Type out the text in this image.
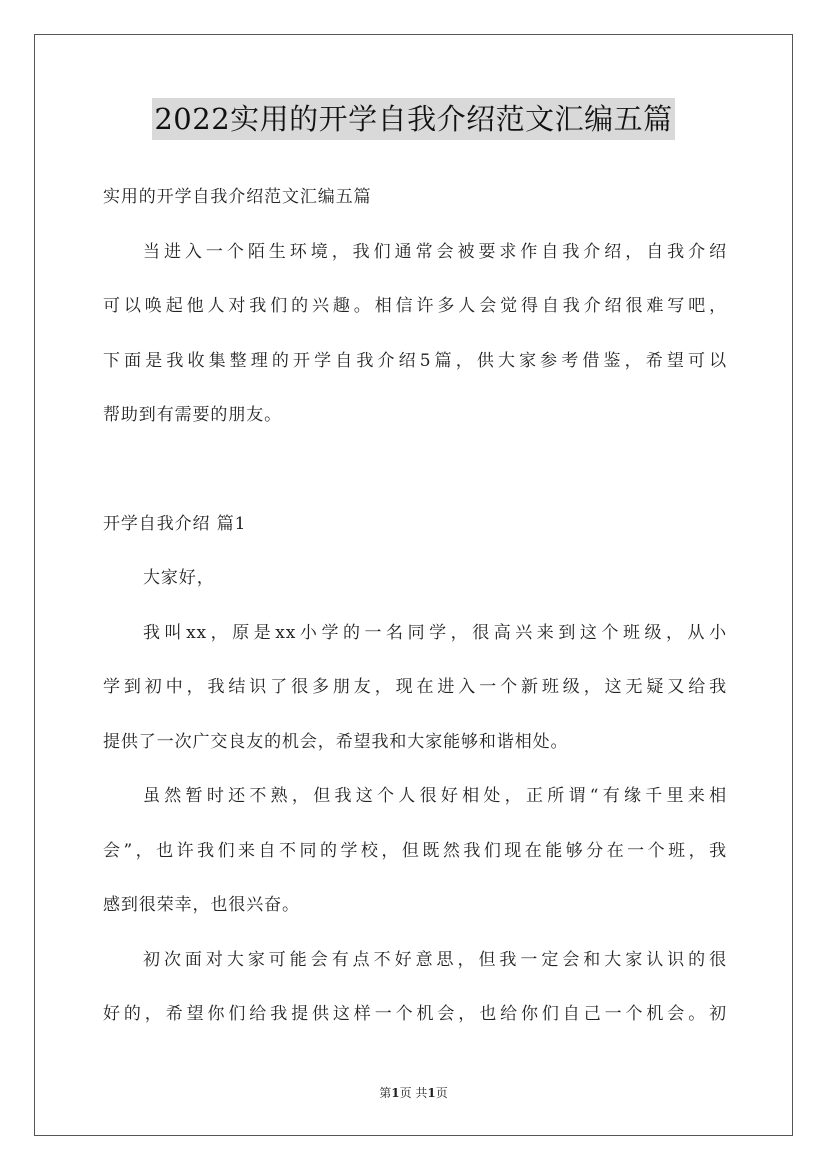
2022实用的开学自我介绍范文汇编五篇
实用的开学自我介绍范文汇编五篇
当进入一个陌生环境，我们通常会被要求作自我介绍，自我介绍
可以唤起他人对我们的兴趣。相信许多人会觉得自我介绍很难写吧，
下面是我收集整理的开学自我介绍5篇，供大家参考借鉴，希望可以
帮助到有需要的朋友。
开学自我介绍 篇1
大家好，
我叫xx，原是xx小学的一名同学，很高兴来到这个班级，从小
学到初中，我结识了很多朋友，现在进入一个新班级，这无疑又给我
提供了一次广交良友的机会，希望我和大家能够和谐相处。
虽然暂时还不熟，但我这个人很好相处，正所谓“有缘千里来相
会”，也许我们来自不同的学校，但既然我们现在能够分在一个班，我
感到很荣幸，也很兴奋。
初次面对大家可能会有点不好意思，但我一定会和大家认识的很
好的，希望你们给我提供这样一个机会，也给你们自己一个机会。初
第1页 共1页
